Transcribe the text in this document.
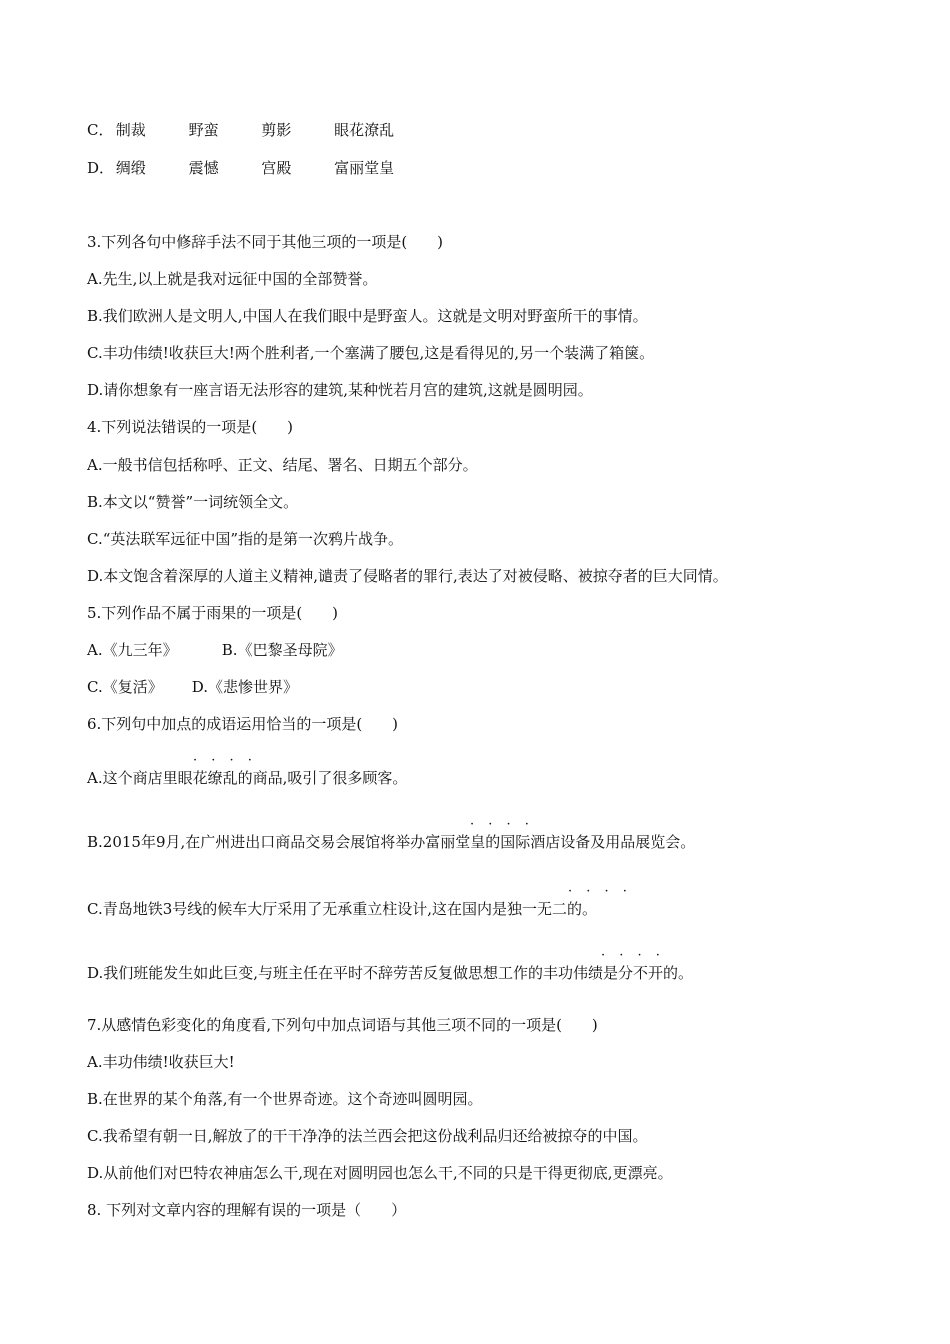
C． 制裁	野蛮	剪影	眼花潦乱
D． 绸缎	震憾	宫殿	富丽堂皇
3.下列各句中修辞手法不同于其他三项的一项是(　　)
A.先生,以上就是我对远征中国的全部赞誉。
B.我们欧洲人是文明人,中国人在我们眼中是野蛮人。这就是文明对野蛮所干的事情。
C.丰功伟绩!收获巨大!两个胜利者,一个塞满了腰包,这是看得见的,另一个装满了箱箧。
D.请你想象有一座言语无法形容的建筑,某种恍若月宫的建筑,这就是圆明园。
4.下列说法错误的一项是(　　)
A.一般书信包括称呼、正文、结尾、署名、日期五个部分。
B.本文以“赞誉”一词统领全文。
C.“英法联军远征中国”指的是第一次鸦片战争。
D.本文饱含着深厚的人道主义精神,谴责了侵略者的罪行,表达了对被侵略、被掠夺者的巨大同情。
5.下列作品不属于雨果的一项是(　　)
A.《九三年》	B.《巴黎圣母院》
C.《复活》 D.《悲惨世界》
6.下列句中加点的成语运用恰当的一项是(　　)
A.这个商店里眼花缭乱的商品,吸引了很多顾客。
· · · ·
B.2015年9月,在广州进出口商品交易会展馆将举办富丽堂皇的国际酒店设备及用品展览会。
· · · ·
C.青岛地铁3号线的候车大厅采用了无承重立柱设计,这在国内是独一无二的。
· · · ·
D.我们班能发生如此巨变,与班主任在平时不辞劳苦反复做思想工作的丰功伟绩是分不开的。
· · · ·
7.从感情色彩变化的角度看,下列句中加点词语与其他三项不同的一项是(　　)
A.丰功伟绩!收获巨大!
B.在世界的某个角落,有一个世界奇迹。这个奇迹叫圆明园。
C.我希望有朝一日,解放了的干干净净的法兰西会把这份战利品归还给被掠夺的中国。
D.从前他们对巴特农神庙怎么干,现在对圆明园也怎么干,不同的只是干得更彻底,更漂亮。
8. 下列对文章内容的理解有误的一项是（　　）
